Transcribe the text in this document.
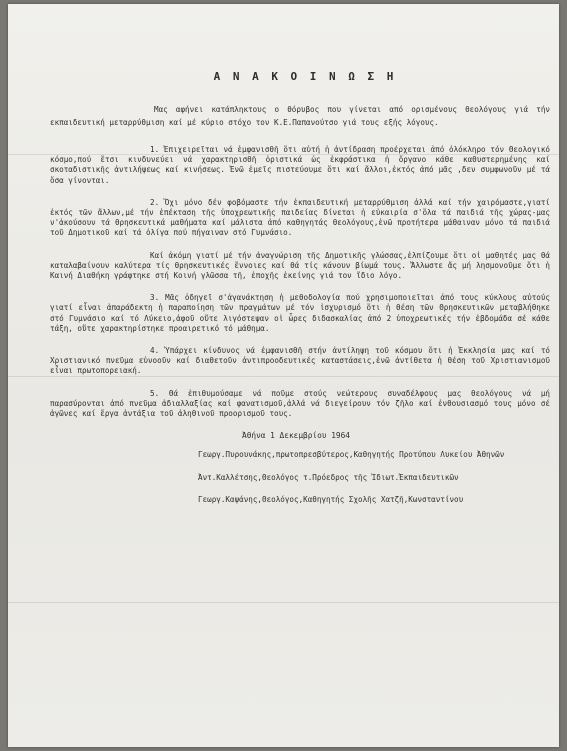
Α Ν Α Κ Ο Ι Ν Ω Σ Η

Μας αφήνει κατάπληκτους ο θόρυβος που γίνεται από ορισμένους θεολόγους γιά τήν εκπαιδευτική μεταρρύθμιση καί μέ κύριο στόχο τον Κ.Ε.Παπανούτσο γιά τους εξής λόγους.

1. Ἐπιχειρεῖται νά ἐμφανισθῆ ὅτι αὐτή ἡ ἀντίδραση προέρχεται ἀπό ὁλόκληρο τόν Θεολογικό κόσμο,πού ἔτσι κινδυνεύει νά χαρακτηρισθῆ ὁριστικά ὡς ἐκφράστικα ἡ ὄργανο κάθε καθυστερημένης καί σκοταδιστικῆς ἀντιλήψεως καί κινήσεως. Ἐνῶ ἐμεῖς πιστεύουμε ὅτι καί ἄλλοι,ἐκτός ἀπό μᾶς ,δεν συμφωνοῦν μέ τά ὅσα γίνονται.

2. Ὄχι μόνο δέν φοβόμαστε τήν ἐκπαιδευτική μεταρρύθμιση ἀλλά καί τήν χαιρόμαστε,γιατί ἐκτός τῶν ἄλλων,μέ τήν ἐπέκταση τῆς ὑποχρεωτικῆς παιδείας δίνεται ἡ εὐκαιρία σ'ὅλα τά παιδιά τῆς χώρας-μας ν'ἀκούσουν τά θρησκευτικά μαθήματα καί μάλιστα ἀπό καθηγητάς θεολόγους,ἐνῶ προτήτερα μάθαιναν μόνο τά παιδιά τοῦ Δημοτικοῦ καί τά ὀλίγα πού πήγαιναν στό Γυμνάσιο.

Καί ἀκόμη γιατί μέ τήν ἀναγνώριση τῆς Δημοτικῆς γλώσσας,ἐλπίζουμε ὅτι οἱ μαθητές μας θά καταλαβαίνουν καλύτερα τίς θρησκευτικές ἔννοιες καί θά τίς κάνουν βίωμά τους. Ἄλλωστε ἄς μή λησμονοῦμε ὅτι ἡ Καινή Διαθήκη γράφτηκε στή Κοινή γλῶσσα τῆ, ἐποχῆς ἐκείνης γιά τον ἴδιο λόγο.

3. Μᾶς ὁδηγεῖ σ'ἀγανάκτηση ἡ μεθοδολογία πού χρησιμοποιεῖται ἀπό τους κύκλους αὐτούς γιατί εἶναι ἀπαράδεκτη ἡ παραποίηση τῶν πραγμάτων μέ τόν ἰσχυρισμό ὅτι ἡ θέση τῶν Θρησκευτικῶν μεταβλήθηκε στό Γυμνάσιο καί τό Λύκειο,ἀφοῦ οὔτε λιγόστεψαν οἱ ὧρες διδασκαλίας ἀπό 2 ὑποχρεωτικές τήν ἑβδομάδα σέ κάθε τάξη, οὔτε χαρακτηρίστηκε προαιρετικό τό μάθημα.

4. Ὑπάρχει κίνδυνος νά ἐμφανισθῆ στήν ἀντίληψη τοῦ κόσμου ὅτι ἡ Ἐκκλησία μας καί τό Χριστιανικό πνεῦμα εὐνοοῦν καί διαθετοῦν ἀντιπροοδευτικές καταστάσεις,ἐνῶ ἀντίθετα ἡ θέση τοῦ Χριστιανισμοῦ εἶναι πρωτοπορειακή.

5. Θά ἐπιθυμούσαμε νά ποῦμε στούς νεώτερους συναδέλφους μας θεολόγους νά μή παρασύρονται ἀπό πνεῦμα ἀδιαλλαξίας καί φανατισμοῦ,ἀλλά νά διεγείρουν τόν ζῆλο καί ἐνθουσιασμό τους μόνο σέ ἀγῶνες καί ἔργα ἀντάξια τοῦ ἀληθινοῦ προορισμοῦ τους.

Ἀθήνα 1 Δεκεμβρίου 1964
Γεωργ.Πυρουνάκης,πρωτοπρεσβύτερος,Καθηγητής Προτύπου Λυκείου Ἀθηνῶν
Ἀντ.Καλλέτσης,Θεολόγος τ.Πρόεδρος τῆς Ἰδιωτ.Ἐκπαιδευτικῶν
Γεωργ.Καψάνης,Θεολόγος,Καθηγητής Σχολῆς Χατζῆ,Κωνσταντίνου
